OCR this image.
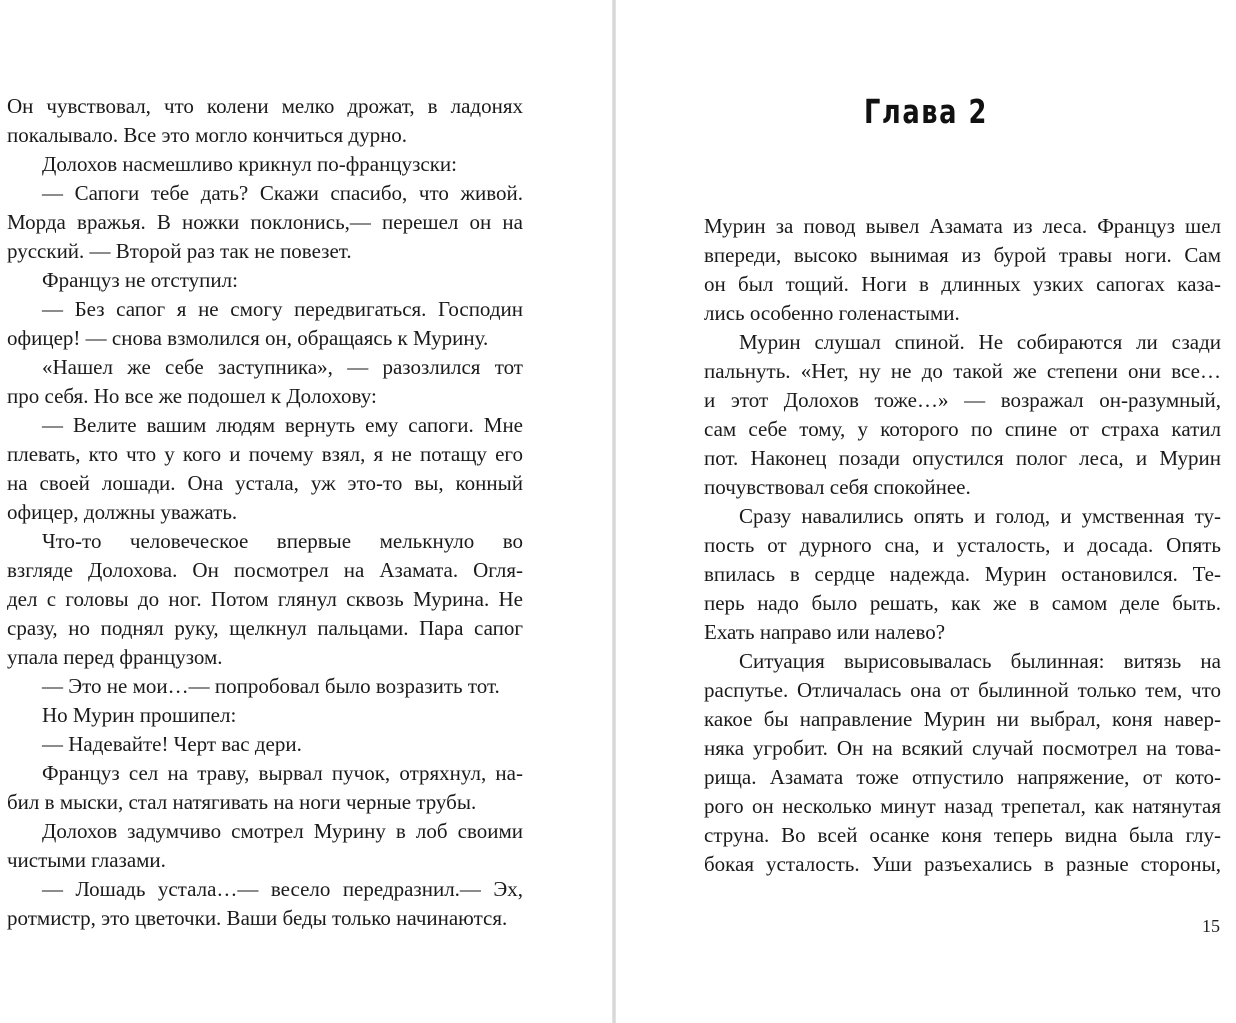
Он чувствовал, что колени мелко дрожат, в ладонях

покалывало. Все это могло кончиться дурно.

Долохов насмешливо крикнул по-французски:

— Сапоги тебе дать? Скажи спасибо, что живой.

Морда вражья. В ножки поклонись,— перешел он на

русский. — Второй раз так не повезет.

Француз не отступил:

— Без сапог я не смогу передвигаться. Господин

офицер! — снова взмолился он, обращаясь к Мурину.

«Нашел же себе заступника», — разозлился тот

про себя. Но все же подошел к Долохову:

— Велите вашим людям вернуть ему сапоги. Мне

плевать, кто что у кого и почему взял, я не потащу его

на своей лошади. Она устала, уж это-то вы, конный

офицер, должны уважать.

Что-то человеческое впервые мелькнуло во

взгляде Долохова. Он посмотрел на Азамата. Огля-

дел с головы до ног. Потом глянул сквозь Мурина. Не

сразу, но поднял руку, щелкнул пальцами. Пара сапог

упала перед французом.

— Это не мои…— попробовал было возразить тот.

Но Мурин прошипел:

— Надевайте! Черт вас дери.

Француз сел на траву, вырвал пучок, отряхнул, на-

бил в мыски, стал натягивать на ноги черные трубы.

Долохов задумчиво смотрел Мурину в лоб своими

чистыми глазами.

— Лошадь устала…— весело передразнил.— Эх,

ротмистр, это цветочки. Ваши беды только начинаются.

Глава 2

Мурин за повод вывел Азамата из леса. Француз шел

впереди, высоко вынимая из бурой травы ноги. Сам

он был тощий. Ноги в длинных узких сапогах каза-

лись особенно голенастыми.

Мурин слушал спиной. Не собираются ли сзади

пальнуть. «Нет, ну не до такой же степени они все…

и этот Долохов тоже…» — возражал он-разумный,

сам себе тому, у которого по спине от страха катил

пот. Наконец позади опустился полог леса, и Мурин

почувствовал себя спокойнее.

Сразу навалились опять и голод, и умственная ту-

пость от дурного сна, и усталость, и досада. Опять

впилась в сердце надежда. Мурин остановился. Те-

перь надо было решать, как же в самом деле быть.

Ехать направо или налево?

Ситуация вырисовывалась былинная: витязь на

распутье. Отличалась она от былинной только тем, что

какое бы направление Мурин ни выбрал, коня навер-

няка угробит. Он на всякий случай посмотрел на това-

рища. Азамата тоже отпустило напряжение, от кото-

рого он несколько минут назад трепетал, как натянутая

струна. Во всей осанке коня теперь видна была глу-

бокая усталость. Уши разъехались в разные стороны,

15
